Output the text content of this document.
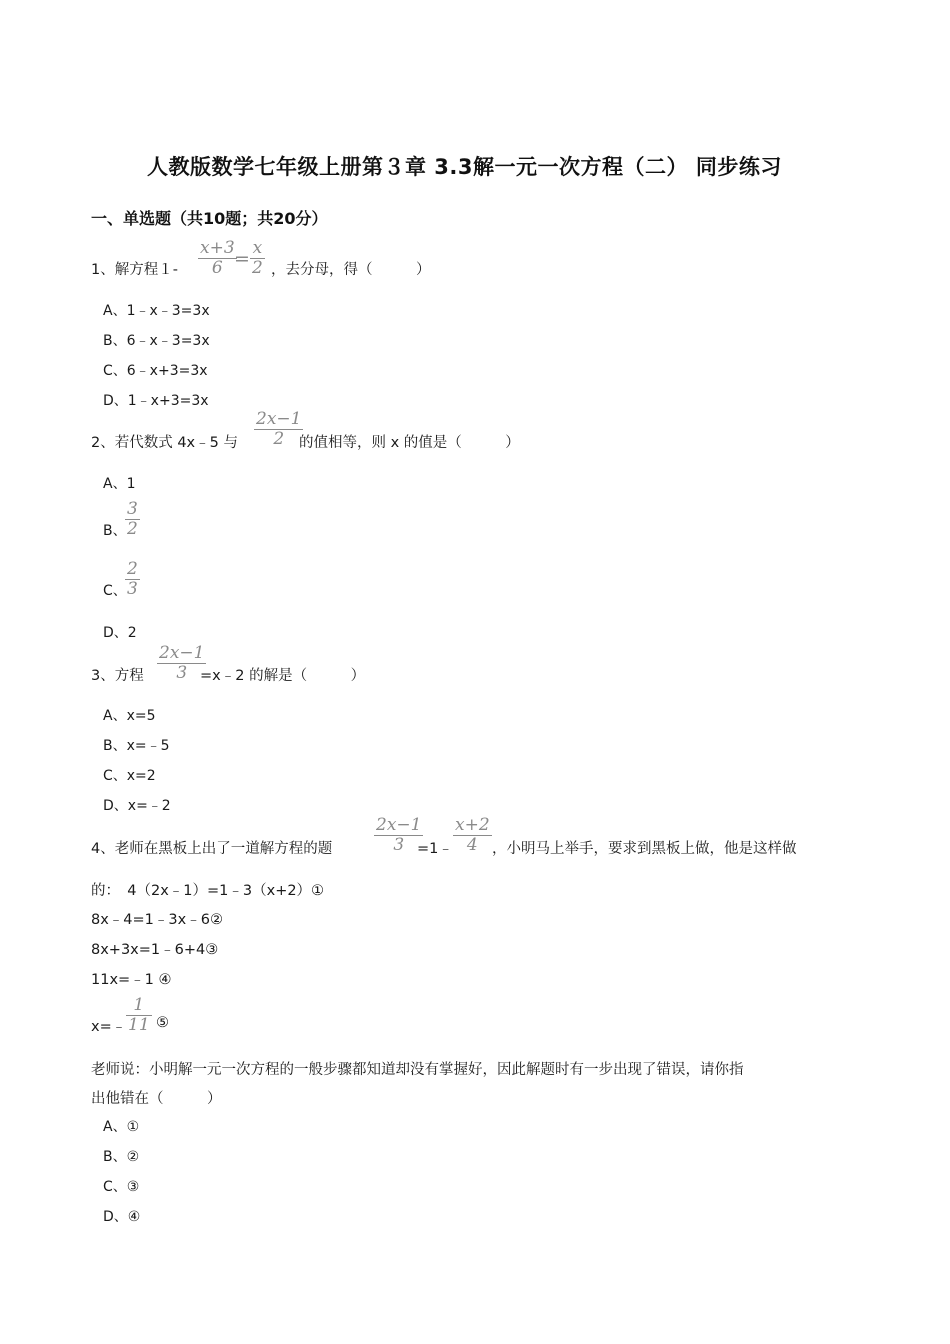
人教版数学七年级上册第３章 3.3解一元一次方程（二） 同步练习
一、单选题（共10题；共20分）
1、解方程１-
x+3
6 = x
2 ，去分母，得（　　　）
A、1﹣x﹣3=3x
B、6﹣x﹣3=3x
C、6﹣x+3=3x
D、1﹣x+3=3x
2、若代数式 4x﹣5 与
2x−1
2 的值相等，则 x 的值是（　　　）
A、1
B、
3
2
C、
2
3
D、2
3、方程
2x−1
3 =x﹣2 的解是（　　　）
A、x=5
B、x=﹣5
C、x=2
D、x=﹣2
4、老师在黑板上出了一道解方程的题
2x−1
3 =1﹣
x+2
4 ，小明马上举手，要求到黑板上做，他是这样做
的：　4（2x﹣1）=1﹣3（x+2）①
8x﹣4=1﹣3x﹣6②
8x+3x=1﹣6+4③
11x=﹣1 ④
x=﹣
1
11 ⑤
老师说：小明解一元一次方程的一般步骤都知道却没有掌握好，因此解题时有一步出现了错误，请你指
出他错在（　　　）
A、①
B、②
C、③
D、④
